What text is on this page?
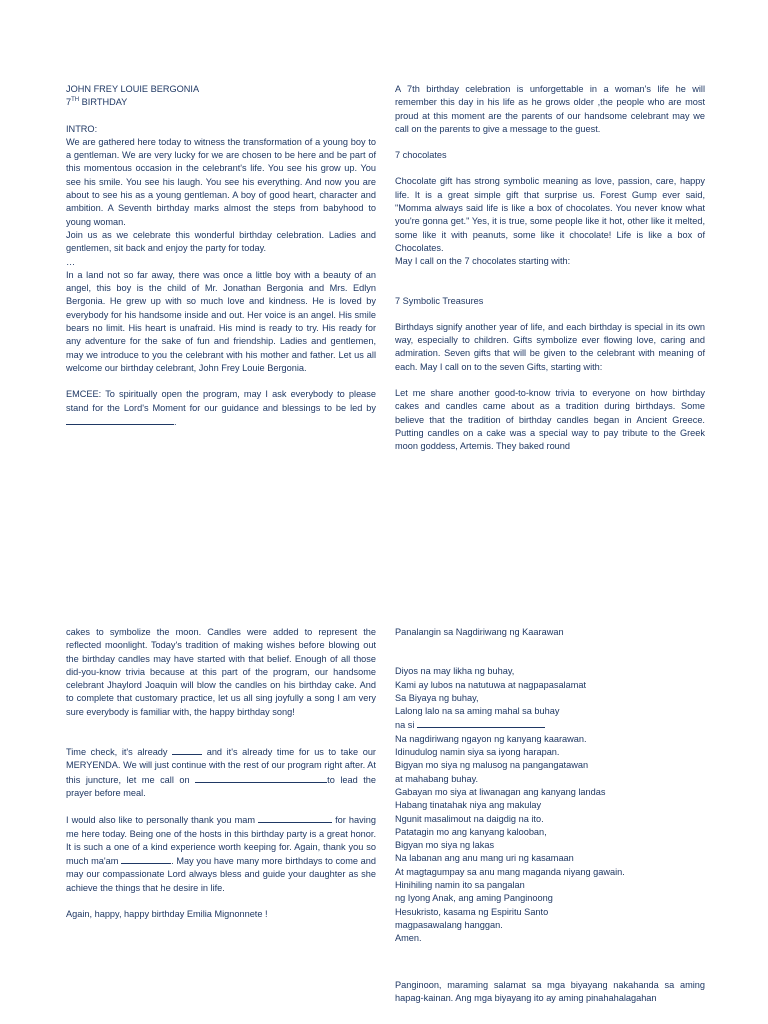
JOHN FREY LOUIE BERGONIA

7TH BIRTHDAY

INTRO:

We are gathered here today to witness the transformation of a young boy to a gentleman. We are very lucky for we are chosen to be here and be part of this momentous occasion in the celebrant's life. You see his grow up. You see his smile. You see his laugh. You see his everything. And now you are about to see his as a young gentleman. A boy of good heart, character and ambition. A Seventh birthday marks almost the steps from babyhood to young woman.

Join us as we celebrate this wonderful birthday celebration. Ladies and gentlemen, sit back and enjoy the party for today.

…

In a land not so far away, there was once a little boy with a beauty of an angel, this boy is the child of Mr. Jonathan Bergonia and Mrs. Edlyn Bergonia. He grew up with so much love and kindness. He is loved by everybody for his handsome inside and out. Her voice is an angel. His smile bears no limit. His heart is unafraid. His mind is ready to try. His ready for any adventure for the sake of fun and friendship. Ladies and gentlemen, may we introduce to you the celebrant with his mother and father. Let us all welcome our birthday celebrant, John Frey Louie Bergonia.

EMCEE: To spiritually open the program, may I ask everybody to please stand for the Lord's Moment for our guidance and blessings to be led by .

A 7th birthday celebration is unforgettable in a woman's life he will remember this day in his life as he grows older ,the people who are most proud at this moment are the parents of our handsome celebrant may we call on the parents to give a message to the guest.

7 chocolates

Chocolate gift has strong symbolic meaning as love, passion, care, happy life. It is a great simple gift that surprise us. Forest Gump ever said, "Momma always said life is like a box of chocolates. You never know what you're gonna get." Yes, it is true, some people like it hot, other like it melted, some like it with peanuts, some like it chocolate! Life is like a box of Chocolates.

May I call on the 7 chocolates starting with:

7 Symbolic Treasures

Birthdays signify another year of life, and each birthday is special in its own way, especially to children. Gifts symbolize ever flowing love, caring and admiration. Seven gifts that will be given to the celebrant with meaning of each. May I call on to the seven Gifts, starting with:

Let me share another good-to-know trivia to everyone on how birthday cakes and candles came about as a tradition during birthdays. Some believe that the tradition of birthday candles began in Ancient Greece. Putting candles on a cake was a special way to pay tribute to the Greek moon goddess, Artemis. They baked round

cakes to symbolize the moon. Candles were added to represent the reflected moonlight. Today's tradition of making wishes before blowing out the birthday candles may have started with that belief. Enough of all those did-you-know trivia because at this part of the program, our handsome celebrant Jhaylord Joaquin will blow the candles on his birthday cake. And to complete that customary practice, let us all sing joyfully a song I am very sure everybody is familiar with, the happy birthday song!

Time check, it's already	and it's already time for us to take our MERYENDA. We will just continue with the rest of our program right after. At this juncture, let me call on	to lead the prayer before meal.

I would also like to personally thank you mam	for having me here today. Being one of the hosts in this birthday party is a great honor. It is such a one of a kind experience worth keeping for. Again, thank you so much ma'am	. May you have many more birthdays to come and may our compassionate Lord always bless and guide your daughter as she achieve the things that he desire in life.

Again, happy, happy birthday Emilia Mignonnete !

Panalangin sa Nagdiriwang ng Kaarawan

Diyos na may likha ng buhay,

Kami ay lubos na natutuwa at nagpapasalamat

Sa Biyaya ng buhay,

Lalong lalo na sa aming mahal sa buhay

na si

Na nagdiriwang ngayon ng kanyang kaarawan.

Idinudulog namin siya sa iyong harapan.

Bigyan mo siya ng malusog na pangangatawan

at mahabang buhay.

Gabayan mo siya at liwanagan ang kanyang landas

Habang tinatahak niya ang makulay

Ngunit masalimout na daigdig na ito.

Patatagin mo ang kanyang kalooban,

Bigyan mo siya ng lakas

Na labanan ang anu mang uri ng kasamaan

At magtagumpay sa anu mang maganda niyang gawain.

Hinihiling namin ito sa pangalan

ng Iyong Anak, ang aming Panginoong

Hesukristo, kasama ng Espiritu Santo

magpasawalang hanggan.

Amen.

Panginoon, maraming salamat sa mga biyayang nakahanda sa aming hapag-kainan. Ang mga biyayang ito ay aming pinahahalagahan
